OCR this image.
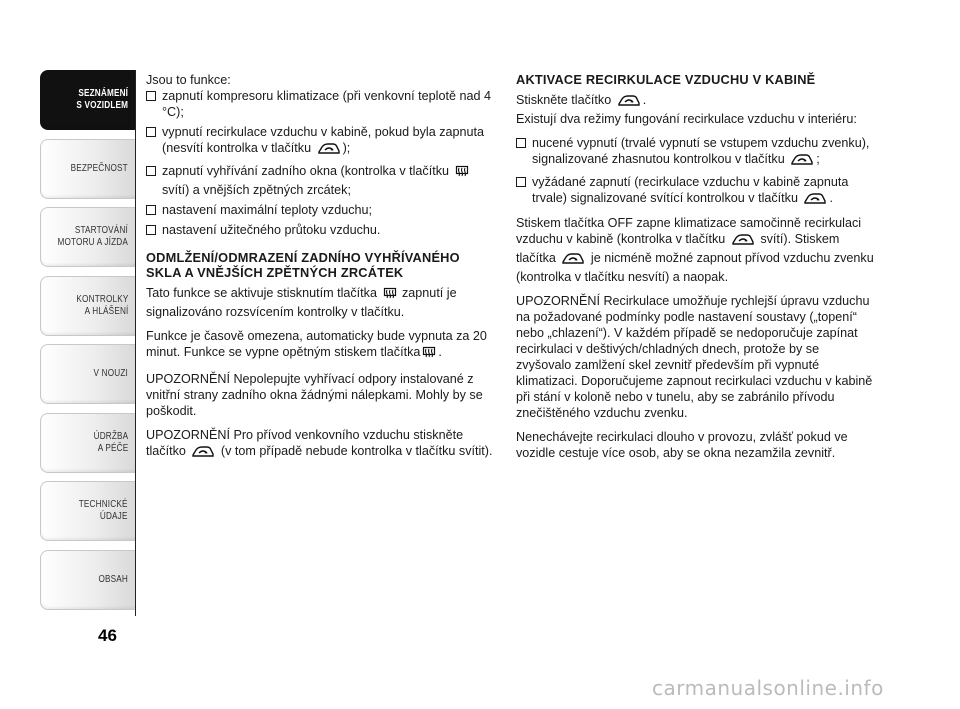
SEZNÁMENÍ
S VOZIDLEM
BEZPEČNOST
STARTOVÁNÍ
MOTORU A JÍZDA
KONTROLKY
A HLÁŠENÍ
V NOUZI
ÚDRŽBA
A PÉČE
TECHNICKÉ
ÚDAJE
OBSAH
46

Jsou to funkce:

zapnutí kompresoru klimatizace (při venkovní teplotě nad 4 °C);
vypnutí recirkulace vzduchu v kabině, pokud byla zapnuta (nesvítí kontrolka v tlačítku	);
zapnutí vyhřívání zadního okna (kontrolka v tlačítku  svítí) a vnějších zpětných zrcátek;
nastavení maximální teploty vzduchu;
nastavení užitečného průtoku vzduchu.
ODMLŽENÍ/ODMRAZENÍ ZADNÍHO VYHŘÍVANÉHO SKLA A VNĚJŠÍCH ZPĚTNÝCH ZRCÁTEK

Tato funkce se aktivuje stisknutím tlačítka zapnutí je signalizováno rozsvícením kontrolky v tlačítku.

Funkce je časově omezena, automaticky bude vypnuta za 20 minut. Funkce se vypne opětným stiskem tlačítka .

UPOZORNĚNÍ Nepolepujte vyhřívací odpory instalované z vnitřní strany zadního okna žádnými nálepkami. Mohly by se poškodit.

UPOZORNĚNÍ Pro přívod venkovního vzduchu stiskněte tlačítko	(v tom případě nebude kontrolka v tlačítku svítit).

AKTIVACE RECIRKULACE VZDUCHU V KABINĚ

Stiskněte tlačítko	.

Existují dva režimy fungování recirkulace vzduchu v interiéru:

nucené vypnutí (trvalé vypnutí se vstupem vzduchu zvenku), signalizované zhasnutou kontrolkou v tlačítku	;
vyžádané zapnutí (recirkulace vzduchu v kabině zapnuta trvale) signalizované svítící kontrolkou v tlačítku	.

Stiskem tlačítka OFF zapne klimatizace samočinně recirkulaci vzduchu v kabině (kontrolka v tlačítku	svítí). Stiskem tlačítka	je nicméně možné zapnout přívod vzduchu zvenku (kontrolka v tlačítku nesvítí) a naopak.

UPOZORNĚNÍ Recirkulace umožňuje rychlejší úpravu vzduchu na požadované podmínky podle nastavení soustavy („topení“ nebo „chlazení“). V každém případě se nedoporučuje zapínat recirkulaci v deštivých/chladných dnech, protože by se zvyšovalo zamlžení skel zevnitř především při vypnuté klimatizaci. Doporučujeme zapnout recirkulaci vzduchu v kabině při stání v koloně nebo v tunelu, aby se zabránilo přívodu znečištěného vzduchu zvenku.

Nenechávejte recirkulaci dlouho v provozu, zvlášť pokud ve vozidle cestuje více osob, aby se okna nezamžila zevnitř.

carmanualsonline.info
